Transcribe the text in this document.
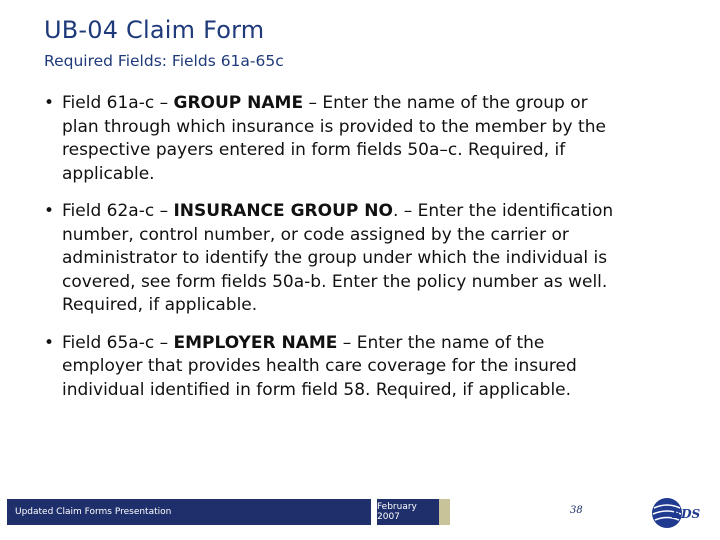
UB-04 Claim Form
Required Fields: Fields 61a-65c
• Field 61a-c – GROUP NAME – Enter the name of the group or plan through which insurance is provided to the member by the respective payers entered in form fields 50a–c. Required, if applicable.
• Field 62a-c – INSURANCE GROUP NO. – Enter the identification number, control number, or code assigned by the carrier or administrator to identify the group under which the individual is covered, see form fields 50a-b. Enter the policy number as well. Required, if applicable.
• Field 65a-c – EMPLOYER NAME – Enter the name of the employer that provides health care coverage for the insured individual identified in form field 58. Required, if applicable.
Updated Claim Forms Presentation	February 2007
38	EDS
